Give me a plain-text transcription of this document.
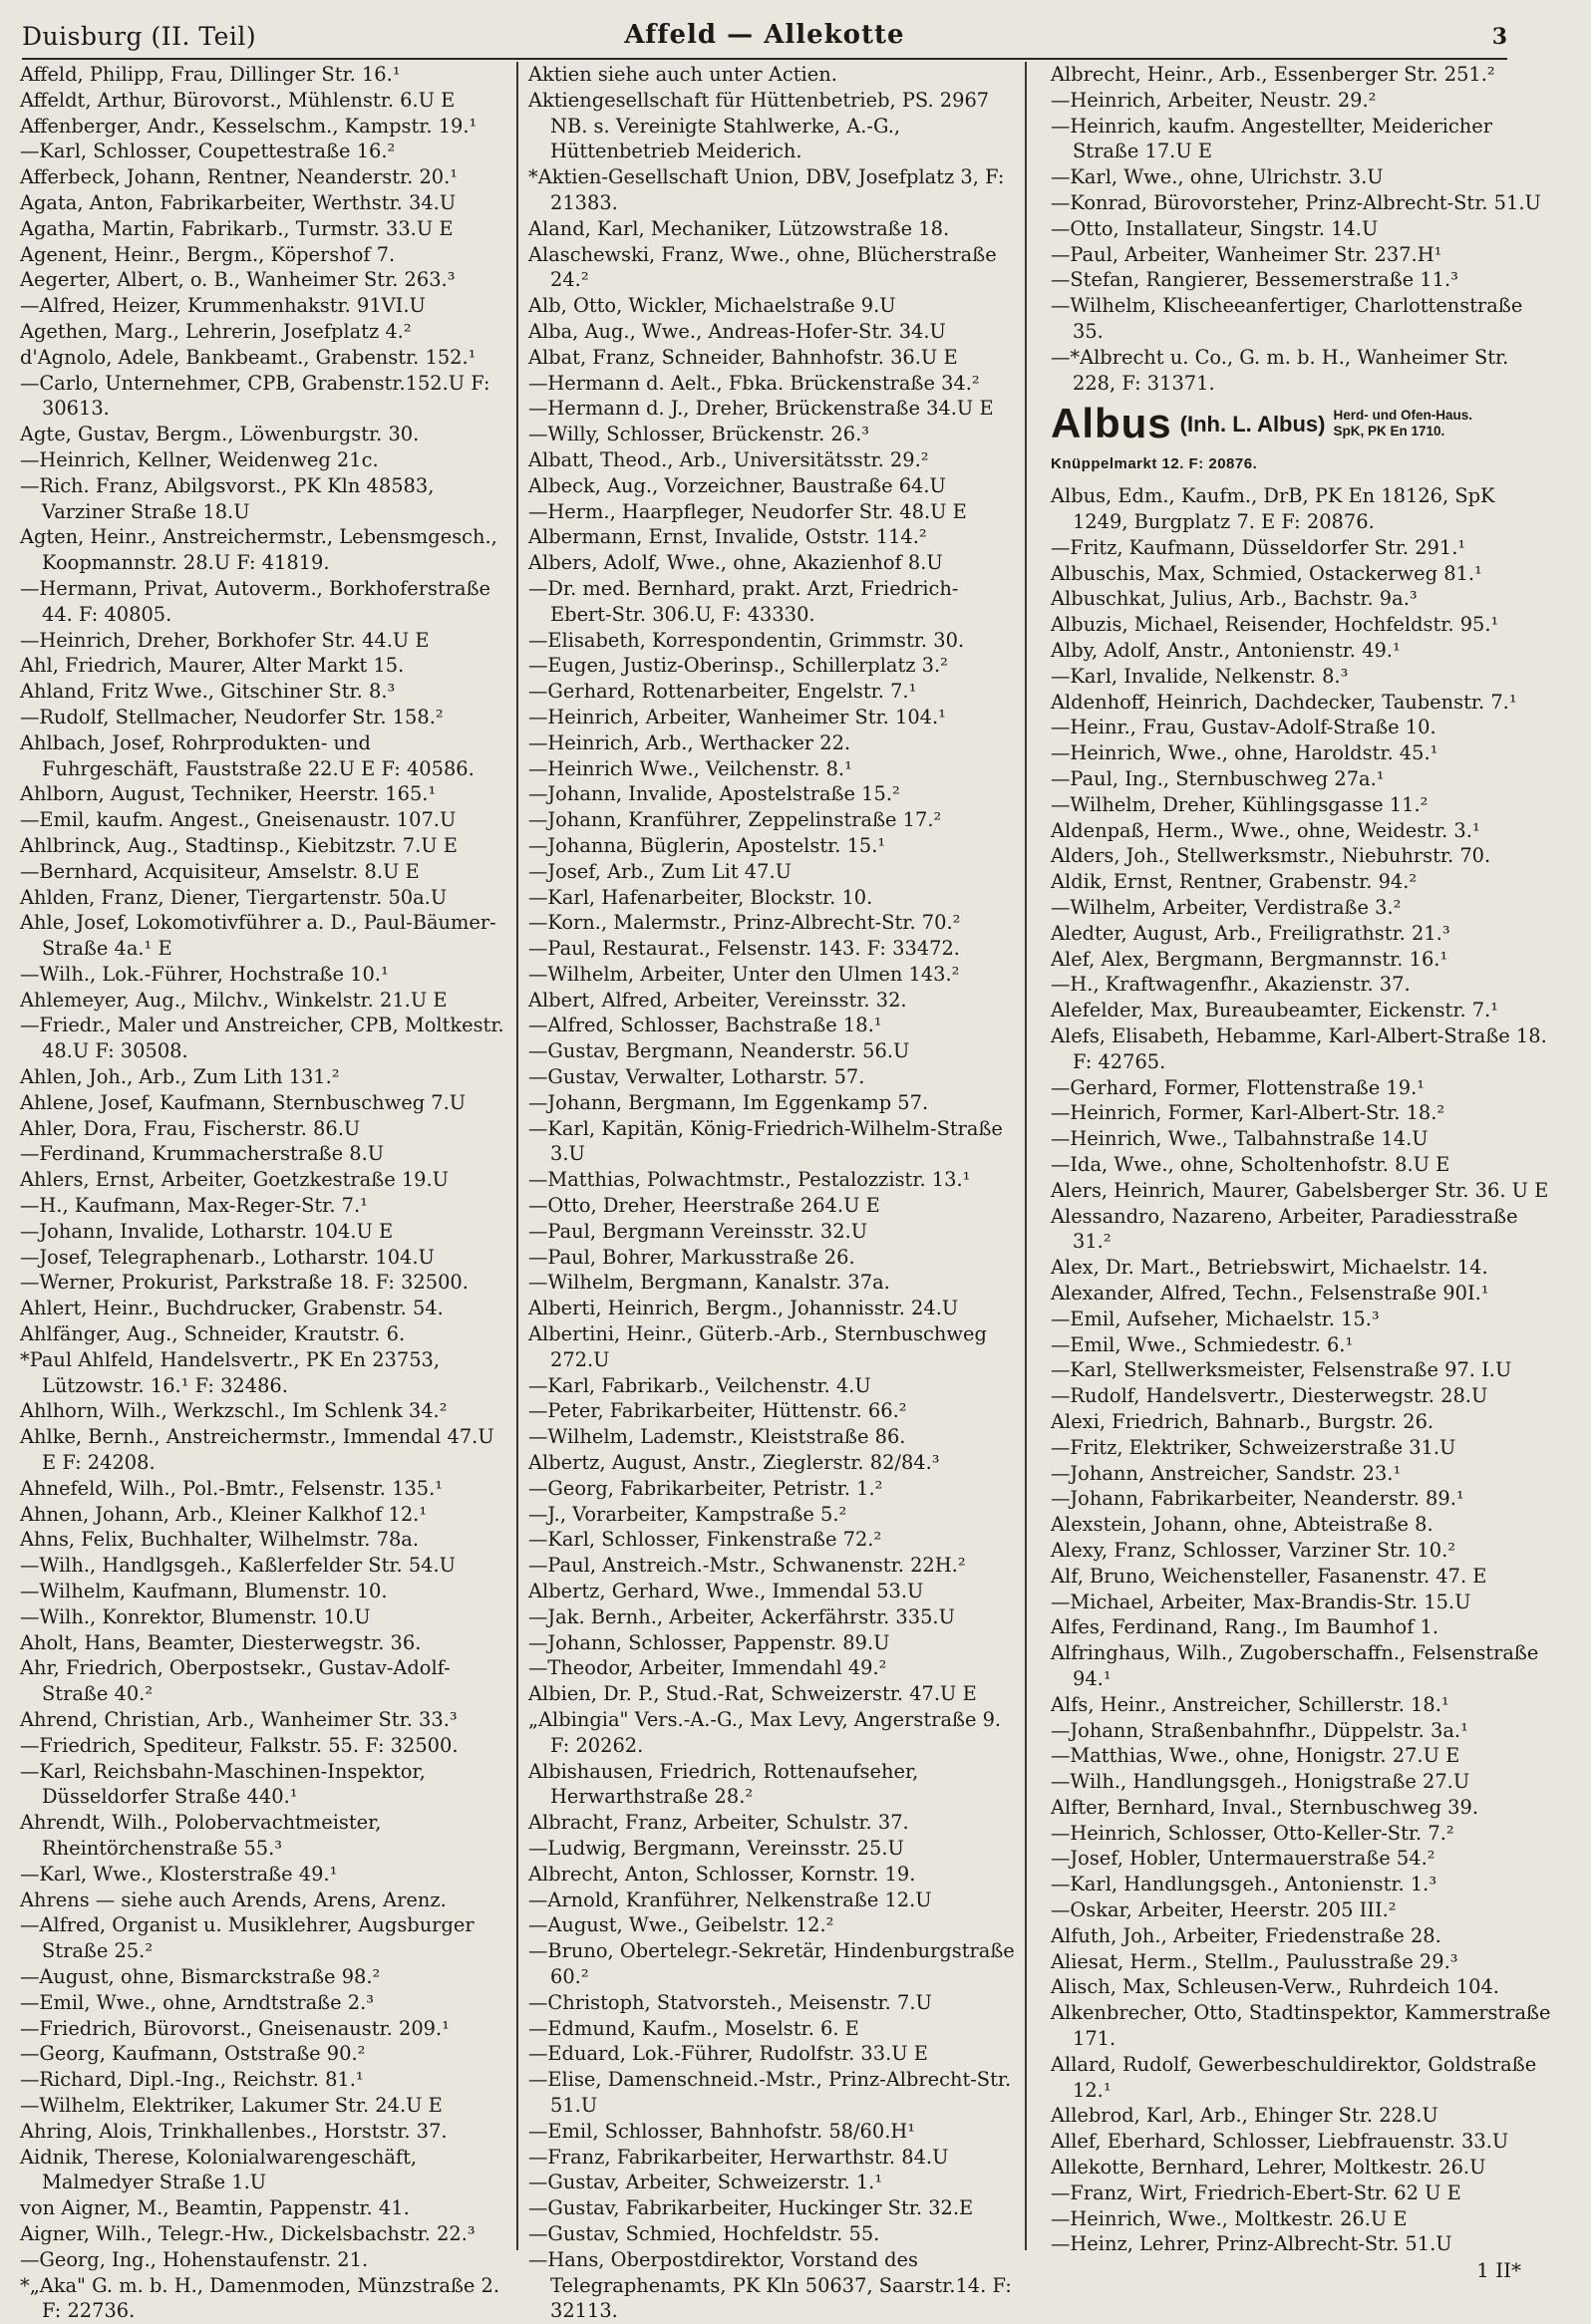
Duisburg (II. Teil)	Affeld — Allekotte	3

Affeld, Philipp, Frau, Dillinger Str. 16.¹

Affeldt, Arthur, Bürovorst., Mühlenstr. 6.U E

Affenberger, Andr., Kesselschm., Kampstr. 19.¹

—Karl, Schlosser, Coupettestraße 16.²

Afferbeck, Johann, Rentner, Neanderstr. 20.¹

Agata, Anton, Fabrikarbeiter, Werthstr. 34.U

Agatha, Martin, Fabrikarb., Turmstr. 33.U E

Agenent, Heinr., Bergm., Köpershof 7.

Aegerter, Albert, o. B., Wanheimer Str. 263.³

—Alfred, Heizer, Krummenhakstr. 91VI.U

Agethen, Marg., Lehrerin, Josefplatz 4.²

d'Agnolo, Adele, Bankbeamt., Grabenstr. 152.¹

—Carlo, Unternehmer, CPB, Grabenstr.152.U F: 30613.

Agte, Gustav, Bergm., Löwenburgstr. 30.

—Heinrich, Kellner, Weidenweg 21c.

—Rich. Franz, Abilgsvorst., PK Kln 48583, Varziner Straße 18.U

Agten, Heinr., Anstreichermstr., Lebensmgesch., Koopmannstr. 28.U F: 41819.

—Hermann, Privat, Autoverm., Borkhoferstraße 44. F: 40805.

—Heinrich, Dreher, Borkhofer Str. 44.U E

Ahl, Friedrich, Maurer, Alter Markt 15.

Ahland, Fritz Wwe., Gitschiner Str. 8.³

—Rudolf, Stellmacher, Neudorfer Str. 158.²

Ahlbach, Josef, Rohrprodukten- und Fuhrgeschäft, Fauststraße 22.U E F: 40586.

Ahlborn, August, Techniker, Heerstr. 165.¹

—Emil, kaufm. Angest., Gneisenaustr. 107.U

Ahlbrinck, Aug., Stadtinsp., Kiebitzstr. 7.U E

—Bernhard, Acquisiteur, Amselstr. 8.U E

Ahlden, Franz, Diener, Tiergartenstr. 50a.U

Ahle, Josef, Lokomotivführer a. D., Paul-Bäumer-Straße 4a.¹ E

—Wilh., Lok.-Führer, Hochstraße 10.¹

Ahlemeyer, Aug., Milchv., Winkelstr. 21.U E

—Friedr., Maler und Anstreicher, CPB, Moltkestr. 48.U F: 30508.

Ahlen, Joh., Arb., Zum Lith 131.²

Ahlene, Josef, Kaufmann, Sternbuschweg 7.U

Ahler, Dora, Frau, Fischerstr. 86.U

—Ferdinand, Krummacherstraße 8.U

Ahlers, Ernst, Arbeiter, Goetzkestraße 19.U

—H., Kaufmann, Max-Reger-Str. 7.¹

—Johann, Invalide, Lotharstr. 104.U E

—Josef, Telegraphenarb., Lotharstr. 104.U

—Werner, Prokurist, Parkstraße 18. F: 32500.

Ahlert, Heinr., Buchdrucker, Grabenstr. 54.

Ahlfänger, Aug., Schneider, Krautstr. 6.

*Paul Ahlfeld, Handelsvertr., PK En 23753, Lützowstr. 16.¹ F: 32486.

Ahlhorn, Wilh., Werkzschl., Im Schlenk 34.²

Ahlke, Bernh., Anstreichermstr., Immendal 47.U E F: 24208.

Ahnefeld, Wilh., Pol.-Bmtr., Felsenstr. 135.¹

Ahnen, Johann, Arb., Kleiner Kalkhof 12.¹

Ahns, Felix, Buchhalter, Wilhelmstr. 78a.

—Wilh., Handlgsgeh., Kaßlerfelder Str. 54.U

—Wilhelm, Kaufmann, Blumenstr. 10.

—Wilh., Konrektor, Blumenstr. 10.U

Aholt, Hans, Beamter, Diesterwegstr. 36.

Ahr, Friedrich, Oberpostsekr., Gustav-Adolf-Straße 40.²

Ahrend, Christian, Arb., Wanheimer Str. 33.³

—Friedrich, Spediteur, Falkstr. 55. F: 32500.

—Karl, Reichsbahn-Maschinen-Inspektor, Düsseldorfer Straße 440.¹

Ahrendt, Wilh., Polobervachtmeister, Rheintörchenstraße 55.³

—Karl, Wwe., Klosterstraße 49.¹

Ahrens — siehe auch Arends, Arens, Arenz.

—Alfred, Organist u. Musiklehrer, Augsburger Straße 25.²

—August, ohne, Bismarckstraße 98.²

—Emil, Wwe., ohne, Arndtstraße 2.³

—Friedrich, Bürovorst., Gneisenaustr. 209.¹

—Georg, Kaufmann, Oststraße 90.²

—Richard, Dipl.-Ing., Reichstr. 81.¹

—Wilhelm, Elektriker, Lakumer Str. 24.U E

Ahring, Alois, Trinkhallenbes., Horststr. 37.

Aidnik, Therese, Kolonialwarengeschäft, Malmedyer Straße 1.U

von Aigner, M., Beamtin, Pappenstr. 41.

Aigner, Wilh., Telegr.-Hw., Dickelsbachstr. 22.³

—Georg, Ing., Hohenstaufenstr. 21.

*„Aka" G. m. b. H., Damenmoden, Münzstraße 2. F: 22736.

Aktien siehe auch unter Actien.

Aktiengesellschaft für Hüttenbetrieb, PS. 2967 NB. s. Vereinigte Stahlwerke, A.-G., Hüttenbetrieb Meiderich.

*Aktien-Gesellschaft Union, DBV, Josefplatz 3, F: 21383.

Aland, Karl, Mechaniker, Lützowstraße 18.

Alaschewski, Franz, Wwe., ohne, Blücherstraße 24.²

Alb, Otto, Wickler, Michaelstraße 9.U

Alba, Aug., Wwe., Andreas-Hofer-Str. 34.U

Albat, Franz, Schneider, Bahnhofstr. 36.U E

—Hermann d. Aelt., Fbka. Brückenstraße 34.²

—Hermann d. J., Dreher, Brückenstraße 34.U E

—Willy, Schlosser, Brückenstr. 26.³

Albatt, Theod., Arb., Universitätsstr. 29.²

Albeck, Aug., Vorzeichner, Baustraße 64.U

—Herm., Haarpfleger, Neudorfer Str. 48.U E

Albermann, Ernst, Invalide, Oststr. 114.²

Albers, Adolf, Wwe., ohne, Akazienhof 8.U

—Dr. med. Bernhard, prakt. Arzt, Friedrich-Ebert-Str. 306.U, F: 43330.

—Elisabeth, Korrespondentin, Grimmstr. 30.

—Eugen, Justiz-Oberinsp., Schillerplatz 3.²

—Gerhard, Rottenarbeiter, Engelstr. 7.¹

—Heinrich, Arbeiter, Wanheimer Str. 104.¹

—Heinrich, Arb., Werthacker 22.

—Heinrich Wwe., Veilchenstr. 8.¹

—Johann, Invalide, Apostelstraße 15.²

—Johann, Kranführer, Zeppelinstraße 17.²

—Johanna, Büglerin, Apostelstr. 15.¹

—Josef, Arb., Zum Lit 47.U

—Karl, Hafenarbeiter, Blockstr. 10.

—Korn., Malermstr., Prinz-Albrecht-Str. 70.²

—Paul, Restaurat., Felsenstr. 143. F: 33472.

—Wilhelm, Arbeiter, Unter den Ulmen 143.²

Albert, Alfred, Arbeiter, Vereinsstr. 32.

—Alfred, Schlosser, Bachstraße 18.¹

—Gustav, Bergmann, Neanderstr. 56.U

—Gustav, Verwalter, Lotharstr. 57.

—Johann, Bergmann, Im Eggenkamp 57.

—Karl, Kapitän, König-Friedrich-Wilhelm-Straße 3.U

—Matthias, Polwachtmstr., Pestalozzistr. 13.¹

—Otto, Dreher, Heerstraße 264.U E

—Paul, Bergmann Vereinsstr. 32.U

—Paul, Bohrer, Markusstraße 26.

—Wilhelm, Bergmann, Kanalstr. 37a.

Alberti, Heinrich, Bergm., Johannisstr. 24.U

Albertini, Heinr., Güterb.-Arb., Sternbuschweg 272.U

—Karl, Fabrikarb., Veilchenstr. 4.U

—Peter, Fabrikarbeiter, Hüttenstr. 66.²

—Wilhelm, Lademstr., Kleiststraße 86.

Albertz, August, Anstr., Zieglerstr. 82/84.³

—Georg, Fabrikarbeiter, Petristr. 1.²

—J., Vorarbeiter, Kampstraße 5.²

—Karl, Schlosser, Finkenstraße 72.²

—Paul, Anstreich.-Mstr., Schwanenstr. 22H.²

Albertz, Gerhard, Wwe., Immendal 53.U

—Jak. Bernh., Arbeiter, Ackerfährstr. 335.U

—Johann, Schlosser, Pappenstr. 89.U

—Theodor, Arbeiter, Immendahl 49.²

Albien, Dr. P., Stud.-Rat, Schweizerstr. 47.U E

„Albingia" Vers.-A.-G., Max Levy, Angerstraße 9. F: 20262.

Albishausen, Friedrich, Rottenaufseher, Herwarthstraße 28.²

Albracht, Franz, Arbeiter, Schulstr. 37.

—Ludwig, Bergmann, Vereinsstr. 25.U

Albrecht, Anton, Schlosser, Kornstr. 19.

—Arnold, Kranführer, Nelkenstraße 12.U

—August, Wwe., Geibelstr. 12.²

—Bruno, Obertelegr.-Sekretär, Hindenburgstraße 60.²

—Christoph, Statvorsteh., Meisenstr. 7.U

—Edmund, Kaufm., Moselstr. 6. E

—Eduard, Lok.-Führer, Rudolfstr. 33.U E

—Elise, Damenschneid.-Mstr., Prinz-Albrecht-Str. 51.U

—Emil, Schlosser, Bahnhofstr. 58/60.H¹

—Franz, Fabrikarbeiter, Herwarthstr. 84.U

—Gustav, Arbeiter, Schweizerstr. 1.¹

—Gustav, Fabrikarbeiter, Huckinger Str. 32.E

—Gustav, Schmied, Hochfeldstr. 55.

—Hans, Oberpostdirektor, Vorstand des Telegraphenamts, PK Kln 50637, Saarstr.14. F: 32113.

Albrecht, Heinr., Arb., Essenberger Str. 251.²

—Heinrich, Arbeiter, Neustr. 29.²

—Heinrich, kaufm. Angestellter, Meidericher Straße 17.U E

—Karl, Wwe., ohne, Ulrichstr. 3.U

—Konrad, Bürovorsteher, Prinz-Albrecht-Str. 51.U

—Otto, Installateur, Singstr. 14.U

—Paul, Arbeiter, Wanheimer Str. 237.H¹

—Stefan, Rangierer, Bessemerstraße 11.³

—Wilhelm, Klischeeanfertiger, Charlottenstraße 35.

—*Albrecht u. Co., G. m. b. H., Wanheimer Str. 228, F: 31371.

Albus (Inh. L. Albus) Herd- und Ofen-Haus.
SpK, PK En 1710.
Knüppelmarkt 12. F: 20876.

Albus, Edm., Kaufm., DrB, PK En 18126, SpK 1249, Burgplatz 7. E F: 20876.

—Fritz, Kaufmann, Düsseldorfer Str. 291.¹

Albuschis, Max, Schmied, Ostackerweg 81.¹

Albuschkat, Julius, Arb., Bachstr. 9a.³

Albuzis, Michael, Reisender, Hochfeldstr. 95.¹

Alby, Adolf, Anstr., Antonienstr. 49.¹

—Karl, Invalide, Nelkenstr. 8.³

Aldenhoff, Heinrich, Dachdecker, Taubenstr. 7.¹

—Heinr., Frau, Gustav-Adolf-Straße 10.

—Heinrich, Wwe., ohne, Haroldstr. 45.¹

—Paul, Ing., Sternbuschweg 27a.¹

—Wilhelm, Dreher, Kühlingsgasse 11.²

Aldenpaß, Herm., Wwe., ohne, Weidestr. 3.¹

Alders, Joh., Stellwerksmstr., Niebuhrstr. 70.

Aldik, Ernst, Rentner, Grabenstr. 94.²

—Wilhelm, Arbeiter, Verdistraße 3.²

Aledter, August, Arb., Freiligrathstr. 21.³

Alef, Alex, Bergmann, Bergmannstr. 16.¹

—H., Kraftwagenfhr., Akazienstr. 37.

Alefelder, Max, Bureaubeamter, Eickenstr. 7.¹

Alefs, Elisabeth, Hebamme, Karl-Albert-Straße 18. F: 42765.

—Gerhard, Former, Flottenstraße 19.¹

—Heinrich, Former, Karl-Albert-Str. 18.²

—Heinrich, Wwe., Talbahnstraße 14.U

—Ida, Wwe., ohne, Scholtenhofstr. 8.U E

Alers, Heinrich, Maurer, Gabelsberger Str. 36. U E

Alessandro, Nazareno, Arbeiter, Paradiesstraße 31.²

Alex, Dr. Mart., Betriebswirt, Michaelstr. 14.

Alexander, Alfred, Techn., Felsenstraße 90I.¹

—Emil, Aufseher, Michaelstr. 15.³

—Emil, Wwe., Schmiedestr. 6.¹

—Karl, Stellwerksmeister, Felsenstraße 97. I.U

—Rudolf, Handelsvertr., Diesterwegstr. 28.U

Alexi, Friedrich, Bahnarb., Burgstr. 26.

—Fritz, Elektriker, Schweizerstraße 31.U

—Johann, Anstreicher, Sandstr. 23.¹

—Johann, Fabrikarbeiter, Neanderstr. 89.¹

Alexstein, Johann, ohne, Abteistraße 8.

Alexy, Franz, Schlosser, Varziner Str. 10.²

Alf, Bruno, Weichensteller, Fasanenstr. 47. E

—Michael, Arbeiter, Max-Brandis-Str. 15.U

Alfes, Ferdinand, Rang., Im Baumhof 1.

Alfringhaus, Wilh., Zugoberschaffn., Felsenstraße 94.¹

Alfs, Heinr., Anstreicher, Schillerstr. 18.¹

—Johann, Straßenbahnfhr., Düppelstr. 3a.¹

—Matthias, Wwe., ohne, Honigstr. 27.U E

—Wilh., Handlungsgeh., Honigstraße 27.U

Alfter, Bernhard, Inval., Sternbuschweg 39.

—Heinrich, Schlosser, Otto-Keller-Str. 7.²

—Josef, Hobler, Untermauerstraße 54.²

—Karl, Handlungsgeh., Antonienstr. 1.³

—Oskar, Arbeiter, Heerstr. 205 III.²

Alfuth, Joh., Arbeiter, Friedenstraße 28.

Aliesat, Herm., Stellm., Paulusstraße 29.³

Alisch, Max, Schleusen-Verw., Ruhrdeich 104.

Alkenbrecher, Otto, Stadtinspektor, Kammerstraße 171.

Allard, Rudolf, Gewerbeschuldirektor, Goldstraße 12.¹

Allebrod, Karl, Arb., Ehinger Str. 228.U

Allef, Eberhard, Schlosser, Liebfrauenstr. 33.U

Allekotte, Bernhard, Lehrer, Moltkestr. 26.U

—Franz, Wirt, Friedrich-Ebert-Str. 62 U E

—Heinrich, Wwe., Moltkestr. 26.U E

—Heinz, Lehrer, Prinz-Albrecht-Str. 51.U

1 II*
